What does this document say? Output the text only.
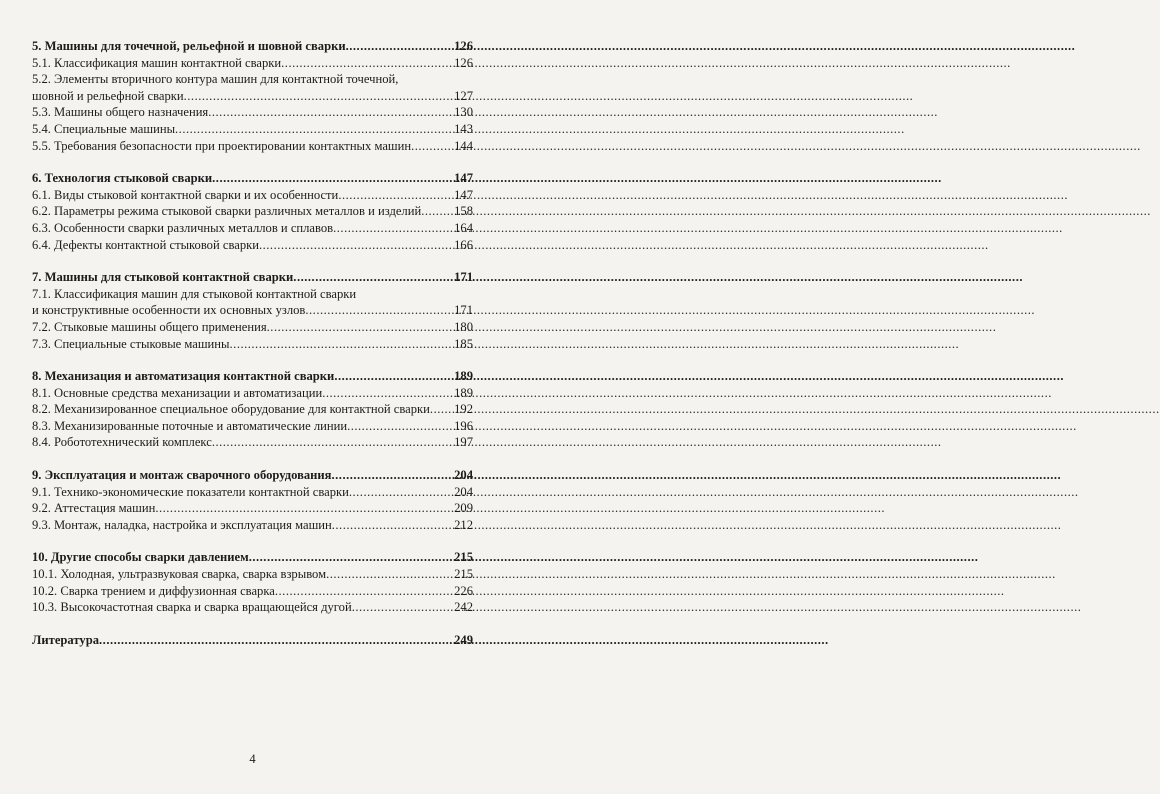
5. Машины для точечной, рельефной и шовной сварки .....	126
5.1. Классификация машин контактной сварки .....	126
5.2. Элементы вторичного контура машин для контактной точечной,
шовной и рельефной сварки .....	127
5.3. Машины общего назначения .....	130
5.4. Специальные машины .....	143
5.5. Требования безопасности при проектировании контактных машин .....	144
6. Технология стыковой сварки .....	147
6.1. Виды стыковой контактной сварки и их особенности .....	147
6.2. Параметры режима стыковой сварки различных металлов и изделий .....	158
6.3. Особенности сварки различных металлов и сплавов .....	164
6.4. Дефекты контактной стыковой сварки .....	166
7. Машины для стыковой контактной сварки .....	171
7.1. Классификация машин для стыковой контактной сварки
и конструктивные особенности их основных узлов .....	171
7.2. Стыковые машины общего применения .....	180
7.3. Специальные стыковые машины .....	185
8. Механизация и автоматизация контактной сварки .....	189
8.1. Основные средства механизации и автоматизации .....	189
8.2. Механизированное специальное оборудование для контактной сварки ..... 192
8.3. Механизированные поточные и автоматические линии .....	196
8.4. Робототехнический комплекс .....	197
9. Эксплуатация и монтаж сварочного оборудования .....	204
9.1. Технико-экономические показатели контактной сварки .....	204
9.2. Аттестация машин .....	209
9.3. Монтаж, наладка, настройка и эксплуатация машин .....	212
10. Другие способы сварки давлением .....	215
10.1. Холодная, ультразвуковая сварка, сварка взрывом .....	215
10.2. Сварка трением и диффузионная сварка .....	226
10.3. Высокочастотная сварка и сварка вращающейся дугой .....	242
Литература .....	249
4
